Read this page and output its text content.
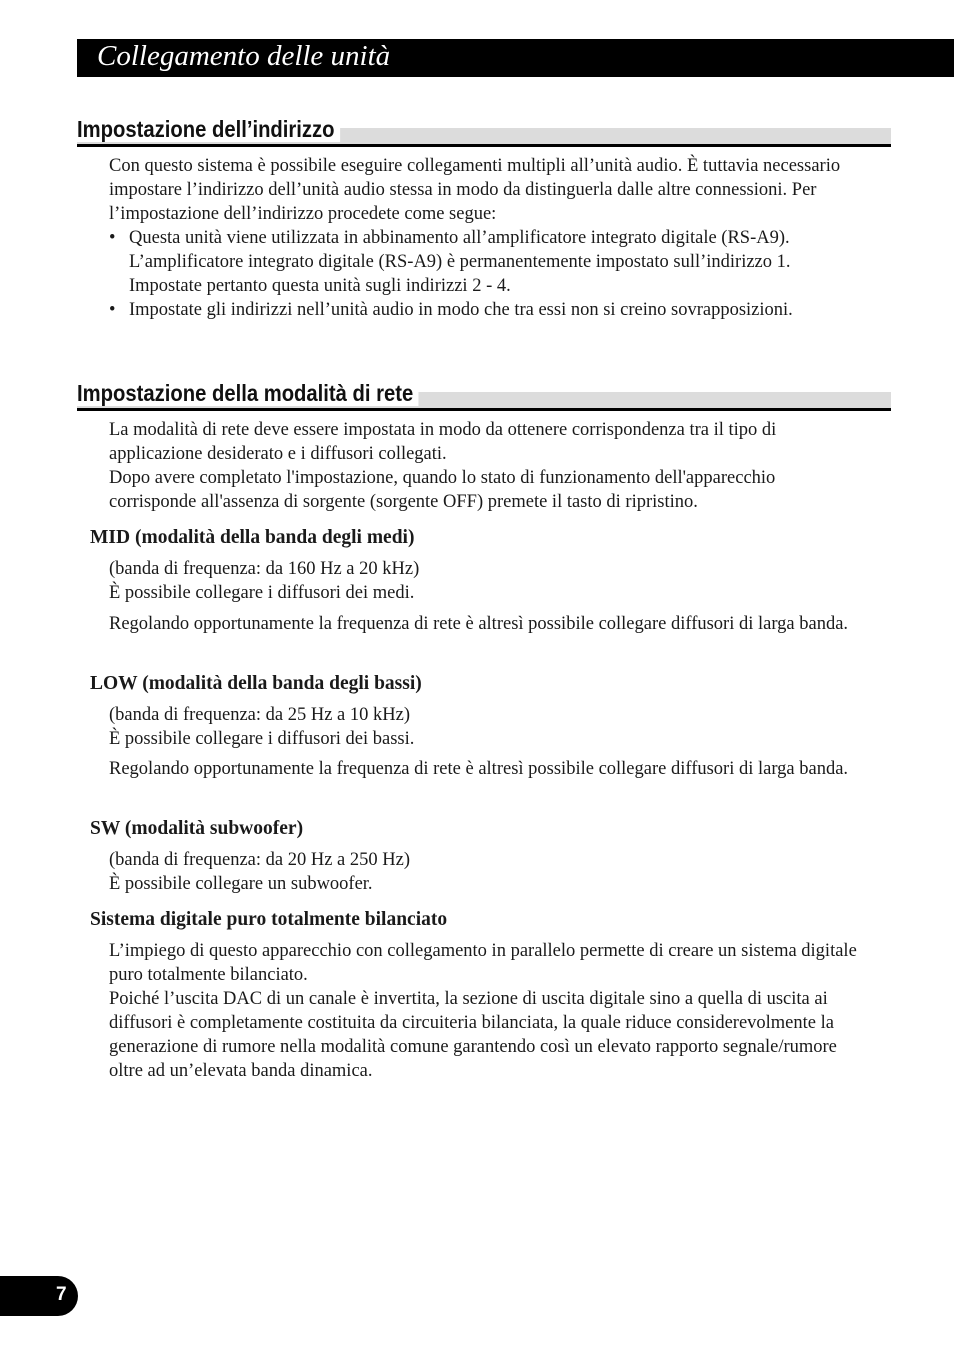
Collegamento delle unità
Impostazione dell’indirizzo

Con questo sistema è possibile eseguire collegamenti multipli all’unità audio. È tuttavia necessario impostare l’indirizzo dell’unità audio stessa in modo da distinguerla dalle altre connessioni. Per l’impostazione dell’indirizzo procedete come segue:

• Questa unità viene utilizzata in abbinamento all’amplificatore integrato digitale (RS-A9). L’amplificatore integrato digitale (RS-A9) è permanentemente impostato sull’indirizzo 1. Impostate pertanto questa unità sugli indirizzi 2 - 4.
• Impostate gli indirizzi nell’unità audio in modo che tra essi non si creino sovrapposizioni.
Impostazione della modalità di rete

La modalità di rete deve essere impostata in modo da ottenere corrispondenza tra il tipo di applicazione desiderato e i diffusori collegati.

Dopo avere completato l'impostazione, quando lo stato di funzionamento dell'apparecchio corrisponde all'assenza di sorgente (sorgente OFF) premete il tasto di ripristino.

MID (modalità della banda degli medi)

(banda di frequenza: da 160 Hz a 20 kHz)

È possibile collegare i diffusori dei medi.

Regolando opportunamente la frequenza di rete è altresì possibile collegare diffusori di larga banda.

LOW (modalità della banda degli bassi)

(banda di frequenza: da 25 Hz a 10 kHz)

È possibile collegare i diffusori dei bassi.

Regolando opportunamente la frequenza di rete è altresì possibile collegare diffusori di larga banda.

SW (modalità subwoofer)

(banda di frequenza: da 20 Hz a 250 Hz)

È possibile collegare un subwoofer.

Sistema digitale puro totalmente bilanciato

L’impiego di questo apparecchio con collegamento in parallelo permette di creare un sistema digitale puro totalmente bilanciato.

Poiché l’uscita DAC di un canale è invertita, la sezione di uscita digitale sino a quella di uscita ai diffusori è completamente costituita da circuiteria bilanciata, la quale riduce considerevolmente la generazione di rumore nella modalità comune garantendo così un elevato rapporto segnale/rumore oltre ad un’elevata banda dinamica.

7
